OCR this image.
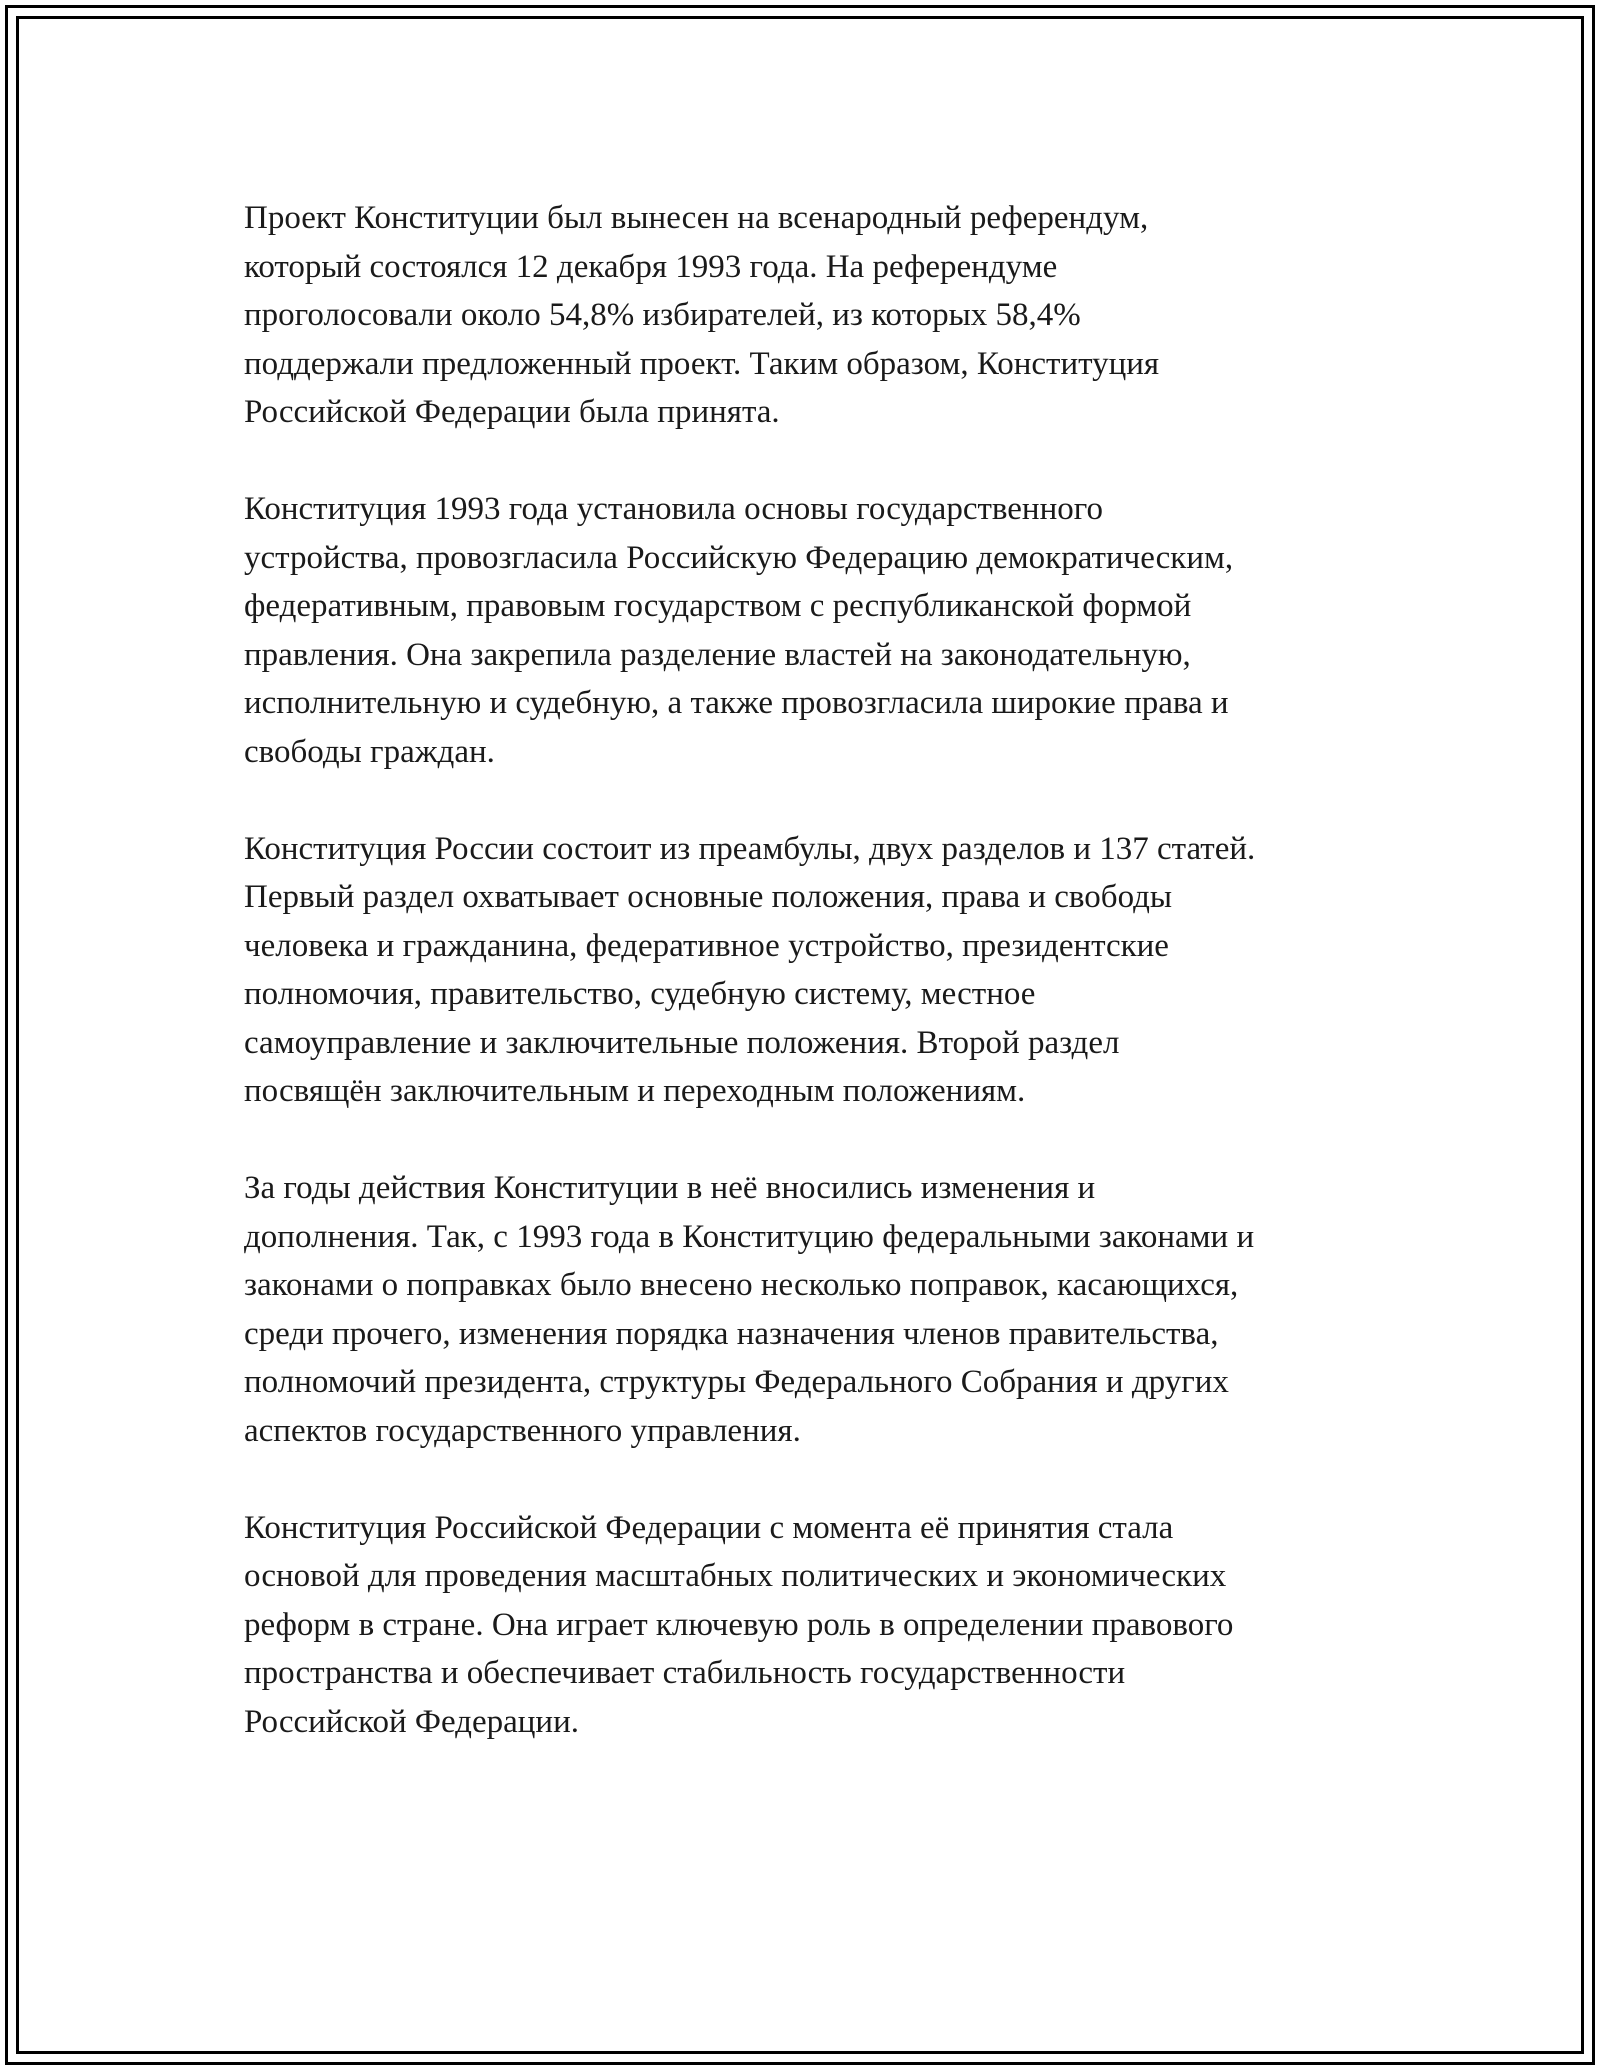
Проект Конституции был вынесен на всенародный референдум,
который состоялся 12 декабря 1993 года. На референдуме
проголосовали около 54,8% избирателей, из которых 58,4%
поддержали предложенный проект. Таким образом, Конституция
Российской Федерации была принята.

Конституция 1993 года установила основы государственного
устройства, провозгласила Российскую Федерацию демократическим,
федеративным, правовым государством с республиканской формой
правления. Она закрепила разделение властей на законодательную,
исполнительную и судебную, а также провозгласила широкие права и
свободы граждан.

Конституция России состоит из преамбулы, двух разделов и 137 статей.
Первый раздел охватывает основные положения, права и свободы
человека и гражданина, федеративное устройство, президентские
полномочия, правительство, судебную систему, местное
самоуправление и заключительные положения. Второй раздел
посвящён заключительным и переходным положениям.

За годы действия Конституции в неё вносились изменения и
дополнения. Так, с 1993 года в Конституцию федеральными законами и
законами о поправках было внесено несколько поправок, касающихся,
среди прочего, изменения порядка назначения членов правительства,
полномочий президента, структуры Федерального Собрания и других
аспектов государственного управления.

Конституция Российской Федерации с момента её принятия стала
основой для проведения масштабных политических и экономических
реформ в стране. Она играет ключевую роль в определении правового
пространства и обеспечивает стабильность государственности
Российской Федерации.
